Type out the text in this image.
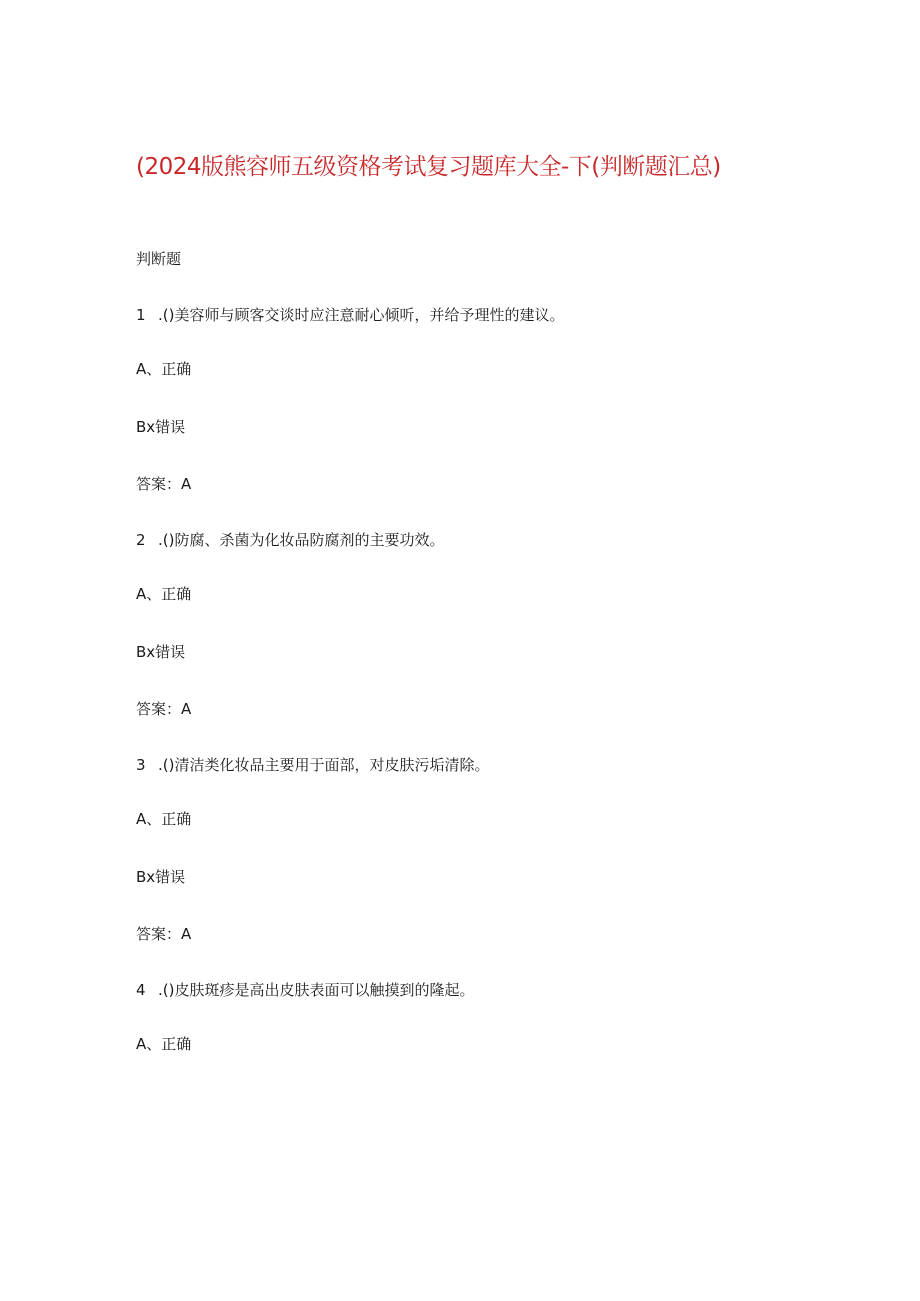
(2024版熊容师五级资格考试复习题库大全-下(判断题汇总)
判断题
1 .()美容师与顾客交谈时应注意耐心倾听，并给予理性的建议。
A、正确
Bx错误
答案：A
2 .()防腐、杀菌为化妆品防腐剂的主要功效。
A、正确
Bx错误
答案：A
3 .()清洁类化妆品主要用于面部，对皮肤污垢清除。
A、正确
Bx错误
答案：A
4 .()皮肤斑疹是高出皮肤表面可以触摸到的隆起。
A、正确
